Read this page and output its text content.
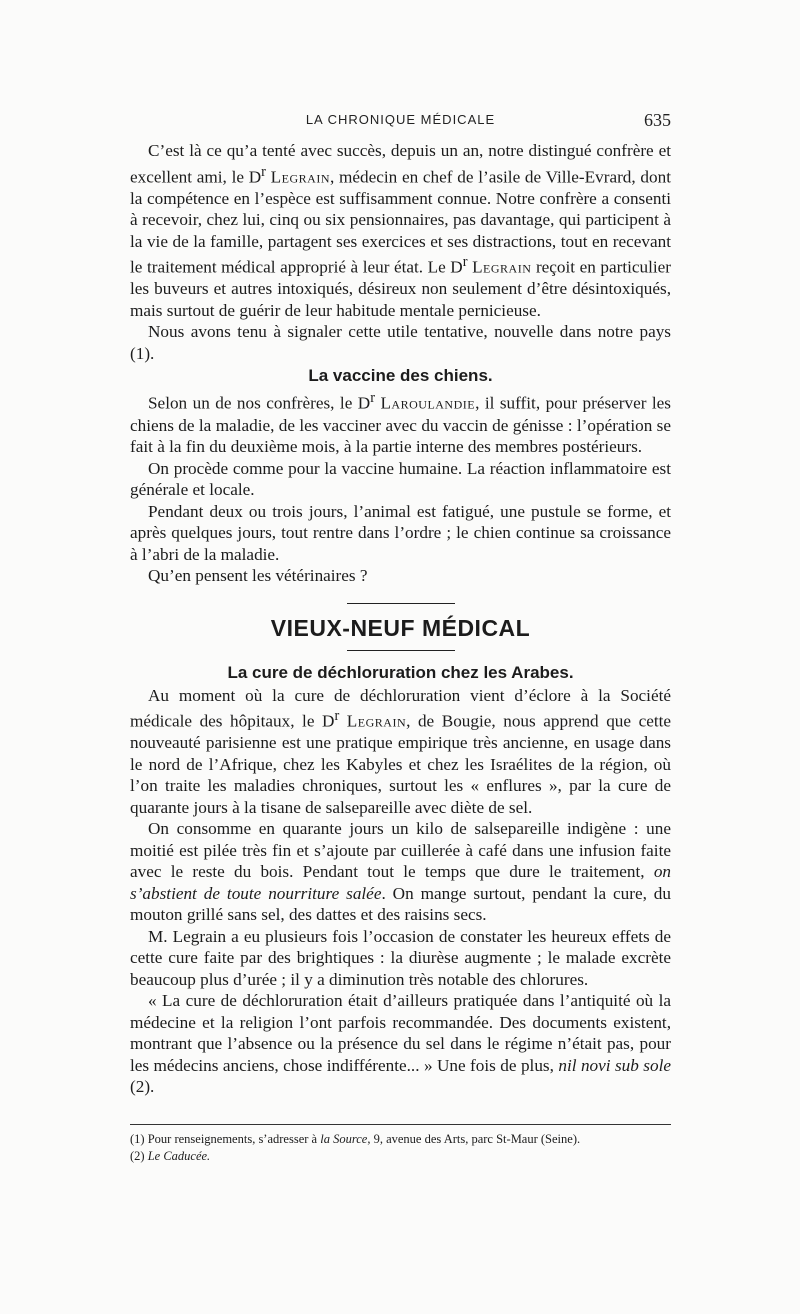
LA CHRONIQUE MÉDICALE	635

C’est là ce qu’a tenté avec succès, depuis un an, notre distingué confrère et excellent ami, le $D^r$ Legrain, médecin en chef de l’asile de Ville-Evrard, dont la compétence en l’espèce est suffisamment connue. Notre confrère a consenti à recevoir, chez lui, cinq ou six pensionnaires, pas davantage, qui participent à la vie de la famille, partagent ses exercices et ses distractions, tout en recevant le traitement médical approprié à leur état. Le $D^r$ Legrain reçoit en particulier les buveurs et autres intoxiqués, désireux non seulement d’être désintoxiqués, mais surtout de guérir de leur habitude mentale pernicieuse.

Nous avons tenu à signaler cette utile tentative, nouvelle dans notre pays (1).

La vaccine des chiens.

Selon un de nos confrères, le $D^r$ Laroulandie, il suffit, pour préserver les chiens de la maladie, de les vacciner avec du vaccin de génisse : l’opération se fait à la fin du deuxième mois, à la partie interne des membres postérieurs.

On procède comme pour la vaccine humaine. La réaction inflammatoire est générale et locale.

Pendant deux ou trois jours, l’animal est fatigué, une pustule se forme, et après quelques jours, tout rentre dans l’ordre ; le chien continue sa croissance à l’abri de la maladie.

Qu’en pensent les vétérinaires ?

VIEUX-NEUF MÉDICAL
La cure de déchloruration chez les Arabes.

Au moment où la cure de déchloruration vient d’éclore à la Société médicale des hôpitaux, le $D^r$ Legrain, de Bougie, nous apprend que cette nouveauté parisienne est une pratique empirique très ancienne, en usage dans le nord de l’Afrique, chez les Kabyles et chez les Israélites de la région, où l’on traite les maladies chroniques, surtout les « enflures », par la cure de quarante jours à la tisane de salsepareille avec diète de sel.

On consomme en quarante jours un kilo de salsepareille indigène : une moitié est pilée très fin et s’ajoute par cuillerée à café dans une infusion faite avec le reste du bois. Pendant tout le temps que dure le traitement, on s’abstient de toute nourriture salée. On mange surtout, pendant la cure, du mouton grillé sans sel, des dattes et des raisins secs.

M. Legrain a eu plusieurs fois l’occasion de constater les heureux effets de cette cure faite par des brightiques : la diurèse augmente ; le malade excrète beaucoup plus d’urée ; il y a diminution très notable des chlorures.

« La cure de déchloruration était d’ailleurs pratiquée dans l’antiquité où la médecine et la religion l’ont parfois recommandée. Des documents existent, montrant que l’absence ou la présence du sel dans le régime n’était pas, pour les médecins anciens, chose indifférente... » Une fois de plus, nil novi sub sole (2).

(1) Pour renseignements, s’adresser à la Source, 9, avenue des Arts, parc St-Maur (Seine).
(2) Le Caducée.
